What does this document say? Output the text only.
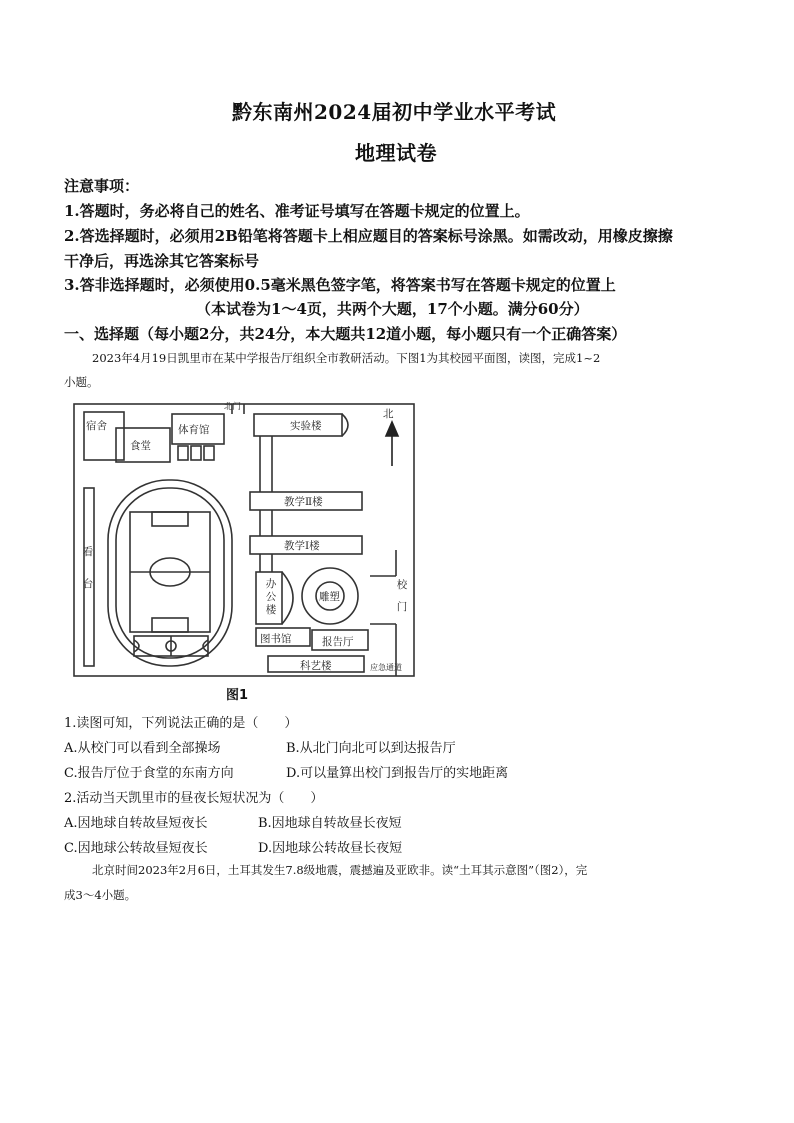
黔东南州2024届初中学业水平考试
地理试卷
注意事项：
1.答题时，务必将自己的姓名、准考证号填写在答题卡规定的位置上。
2.答选择题时，必须用2B铅笔将答题卡上相应题目的答案标号涂黑。如需改动，用橡皮擦擦
干净后，再选涂其它答案标号
3.答非选择题时，必须使用0.5毫米黑色签字笔，将答案书写在答题卡规定的位置上
（本试卷为1～4页，共两个大题，17个小题。满分60分）
一、选择题（每小题2分，共24分，本大题共12道小题，每小题只有一个正确答案）
2023年4月19日凯里市在某中学报告厅组织全市教研活动。下图1为其校园平面图，读图，完成1~2
小题。
宿舍	体育馆
食堂
北门
北
实验楼
教学Ⅱ楼
教学Ⅰ楼
办公楼
雕塑
图书馆	报告厅
科艺楼	应急通道
看台	校门
图1
1.读图可知，下列说法正确的是（　　）
A.从校门可以看到全部操场	B.从北门向北可以到达报告厅
C.报告厅位于食堂的东南方向	D.可以量算出校门到报告厅的实地距离
2.活动当天凯里市的昼夜长短状况为（　　）
A.因地球自转故昼短夜长	B.因地球自转故昼长夜短
C.因地球公转故昼短夜长	D.因地球公转故昼长夜短
北京时间2023年2月6日，土耳其发生7.8级地震，震撼遍及亚欧非。读“土耳其示意图”（图2），完
成3～4小题。
